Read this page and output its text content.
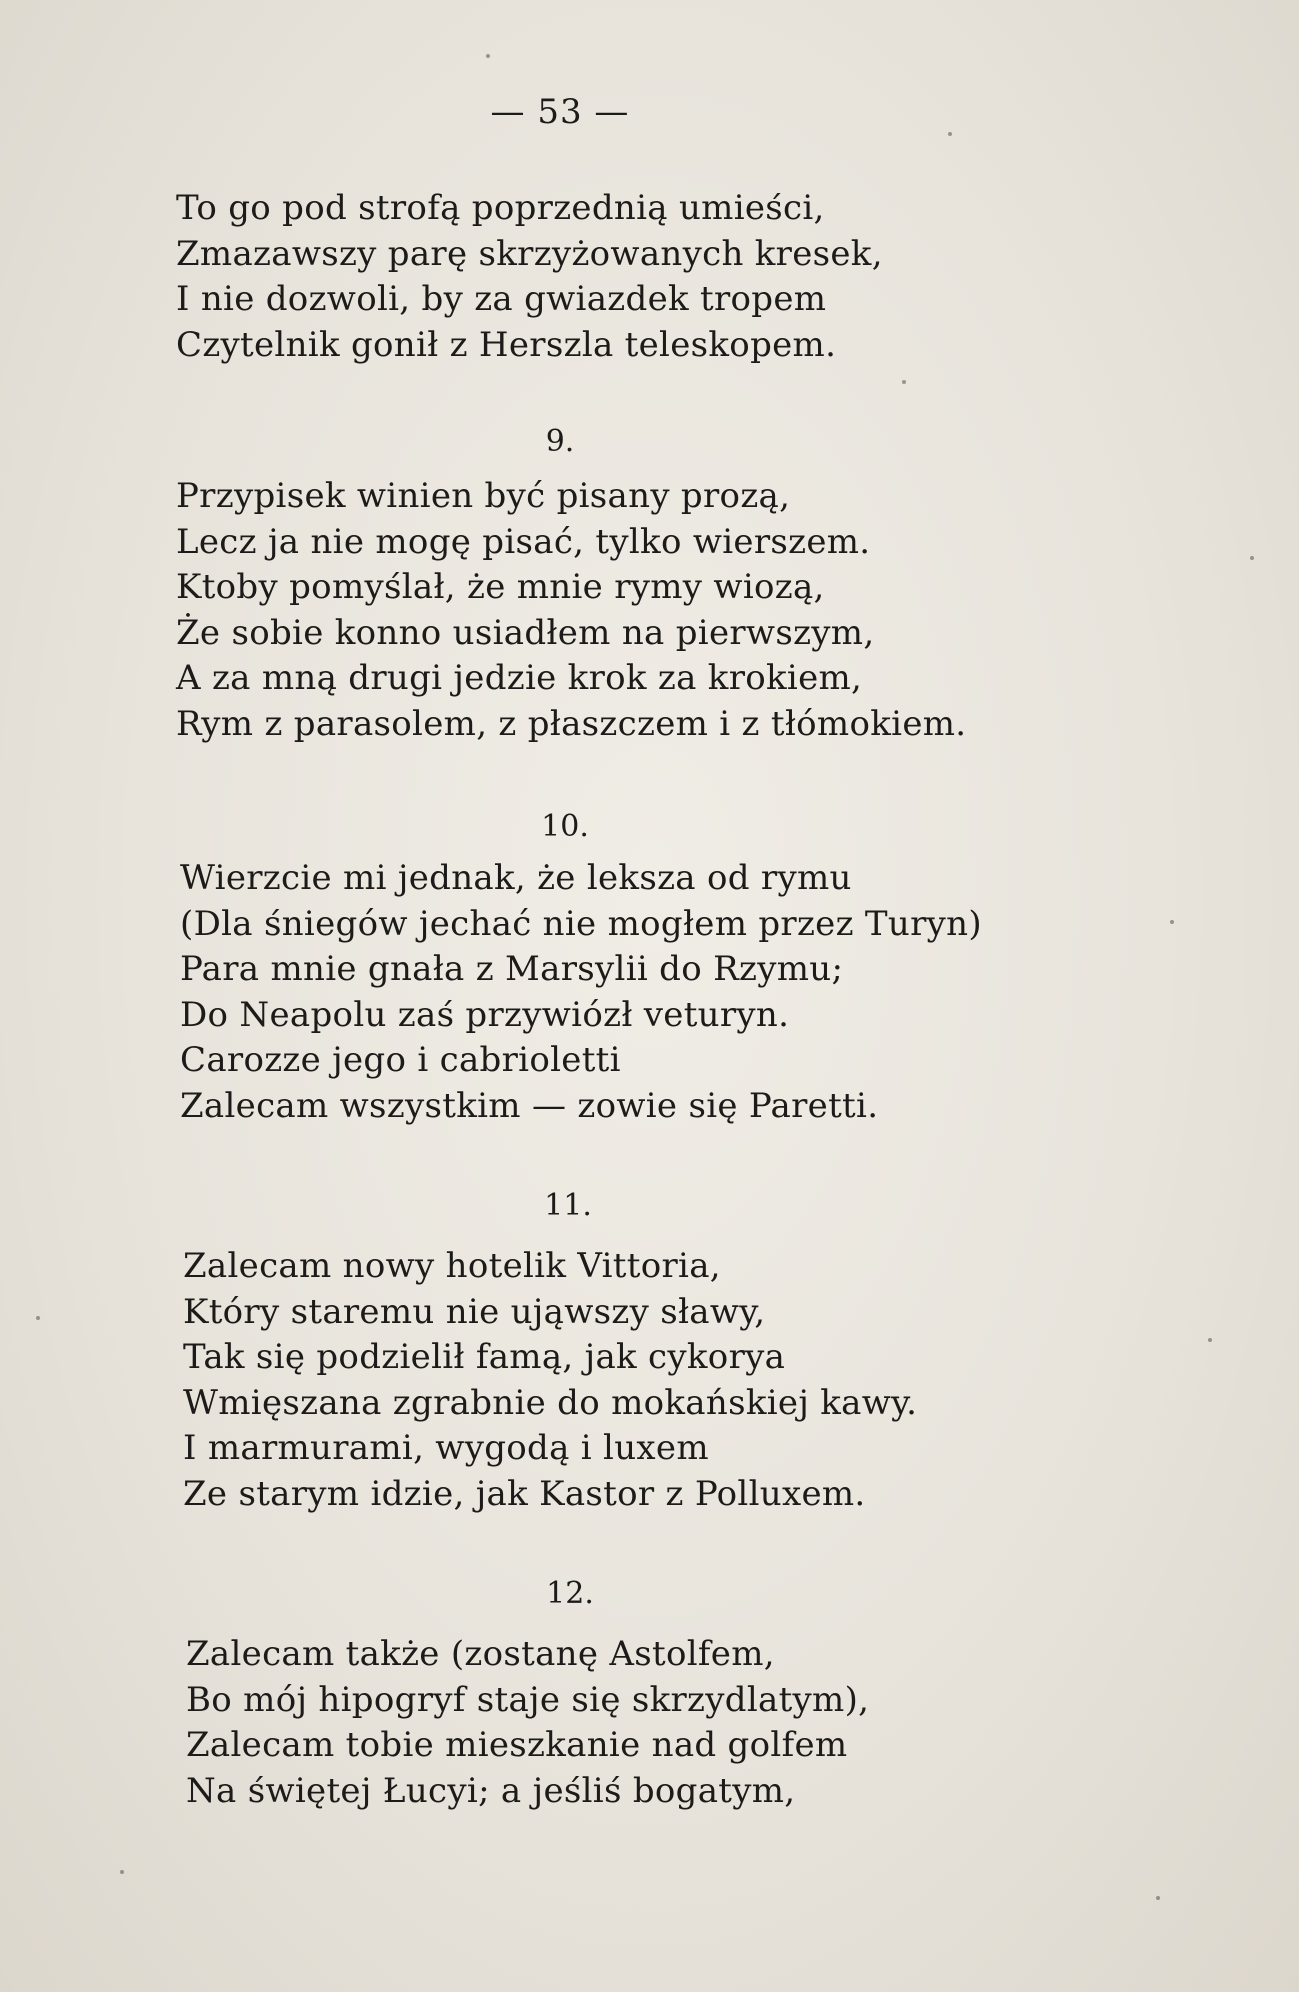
— 53 —
To go pod strofą poprzednią umieści,
Zmazawszy parę skrzyżowanych kresek,
I nie dozwoli, by za gwiazdek tropem
Czytelnik gonił z Herszla teleskopem.
9.
Przypisek winien być pisany prozą,
Lecz ja nie mogę pisać, tylko wierszem.
Ktoby pomyślał, że mnie rymy wiozą,
Że sobie konno usiadłem na pierwszym,
A za mną drugi jedzie krok za krokiem,
Rym z parasolem, z płaszczem i z tłómokiem.
10.
Wierzcie mi jednak, że leksza od rymu
(Dla śniegów jechać nie mogłem przez Turyn)
Para mnie gnała z Marsylii do Rzymu;
Do Neapolu zaś przywiózł veturyn.
Carozze jego i cabrioletti
Zalecam wszystkim — zowie się Paretti.
11.
Zalecam nowy hotelik Vittoria,
Który staremu nie ująwszy sławy,
Tak się podzielił famą, jak cykorya
Wmięszana zgrabnie do mokańskiej kawy.
I marmurami, wygodą i luxem
Ze starym idzie, jak Kastor z Polluxem.
12.
Zalecam także (zostanę Astolfem,
Bo mój hipogryf staje się skrzydlatym),
Zalecam tobie mieszkanie nad golfem
Na świętej Łucyi; a jeśliś bogatym,
